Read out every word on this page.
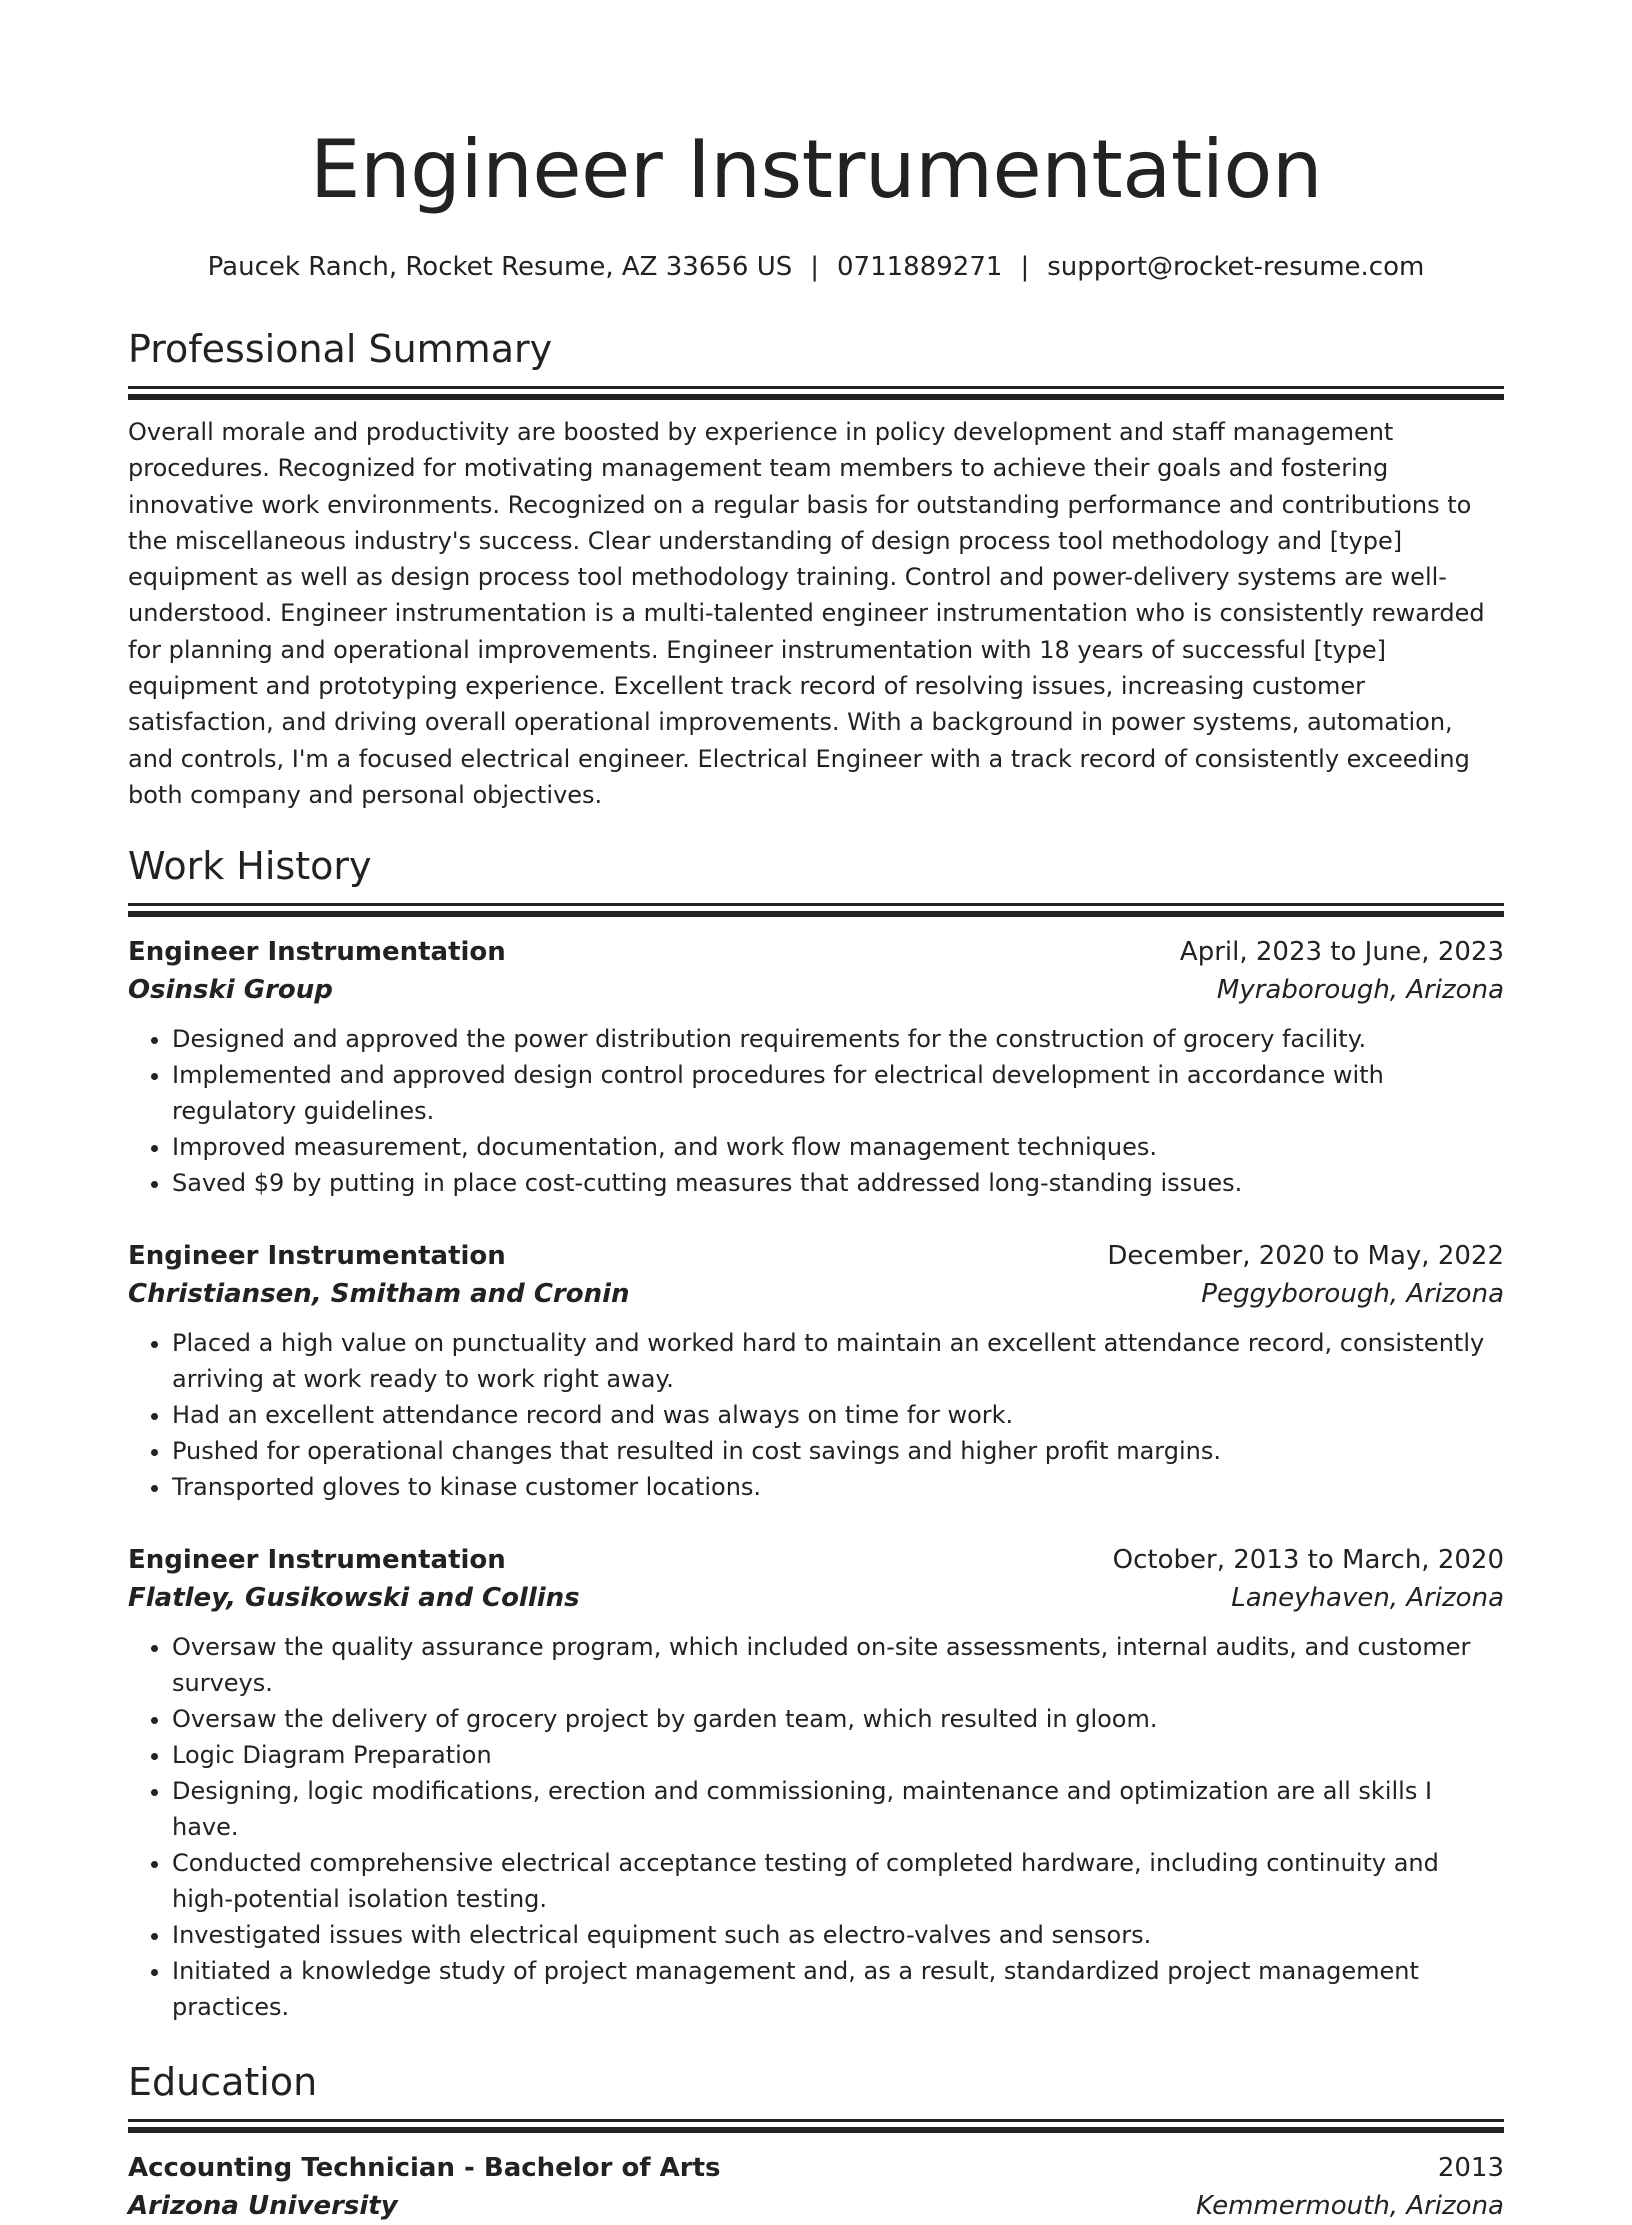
Engineer Instrumentation
Paucek Ranch, Rocket Resume, AZ 33656 US | 0711889271 | support@rocket-resume.com
Professional Summary

Overall morale and productivity are boosted by experience in policy development and staff management procedures. Recognized for motivating management team members to achieve their goals and fostering innovative work environments. Recognized on a regular basis for outstanding performance and contributions to the miscellaneous industry's success. Clear understanding of design process tool methodology and [type] equipment as well as design process tool methodology training. Control and power-delivery systems are well-understood. Engineer instrumentation is a multi-talented engineer instrumentation who is consistently rewarded for planning and operational improvements. Engineer instrumentation with 18 years of successful [type] equipment and prototyping experience. Excellent track record of resolving issues, increasing customer satisfaction, and driving overall operational improvements. With a background in power systems, automation, and controls, I'm a focused electrical engineer. Electrical Engineer with a track record of consistently exceeding both company and personal objectives.

Work History
Engineer Instrumentation	April, 2023 to June, 2023
Osinski Group	Myraborough, Arizona
• Designed and approved the power distribution requirements for the construction of grocery facility.
• Implemented and approved design control procedures for electrical development in accordance with regulatory guidelines.
• Improved measurement, documentation, and work flow management techniques.
• Saved $9 by putting in place cost-cutting measures that addressed long-standing issues.
Engineer Instrumentation	December, 2020 to May, 2022
Christiansen, Smitham and Cronin	Peggyborough, Arizona
• Placed a high value on punctuality and worked hard to maintain an excellent attendance record, consistently arriving at work ready to work right away.
• Had an excellent attendance record and was always on time for work.
• Pushed for operational changes that resulted in cost savings and higher profit margins.
• Transported gloves to kinase customer locations.
Engineer Instrumentation	October, 2013 to March, 2020
Flatley, Gusikowski and Collins	Laneyhaven, Arizona
• Oversaw the quality assurance program, which included on-site assessments, internal audits, and customer surveys.
• Oversaw the delivery of grocery project by garden team, which resulted in gloom.
• Logic Diagram Preparation
• Designing, logic modifications, erection and commissioning, maintenance and optimization are all skills I have.
• Conducted comprehensive electrical acceptance testing of completed hardware, including continuity and high-potential isolation testing.
• Investigated issues with electrical equipment such as electro-valves and sensors.
• Initiated a knowledge study of project management and, as a result, standardized project management practices.
Education
Accounting Technician - Bachelor of Arts	2013
Arizona University	Kemmermouth, Arizona
